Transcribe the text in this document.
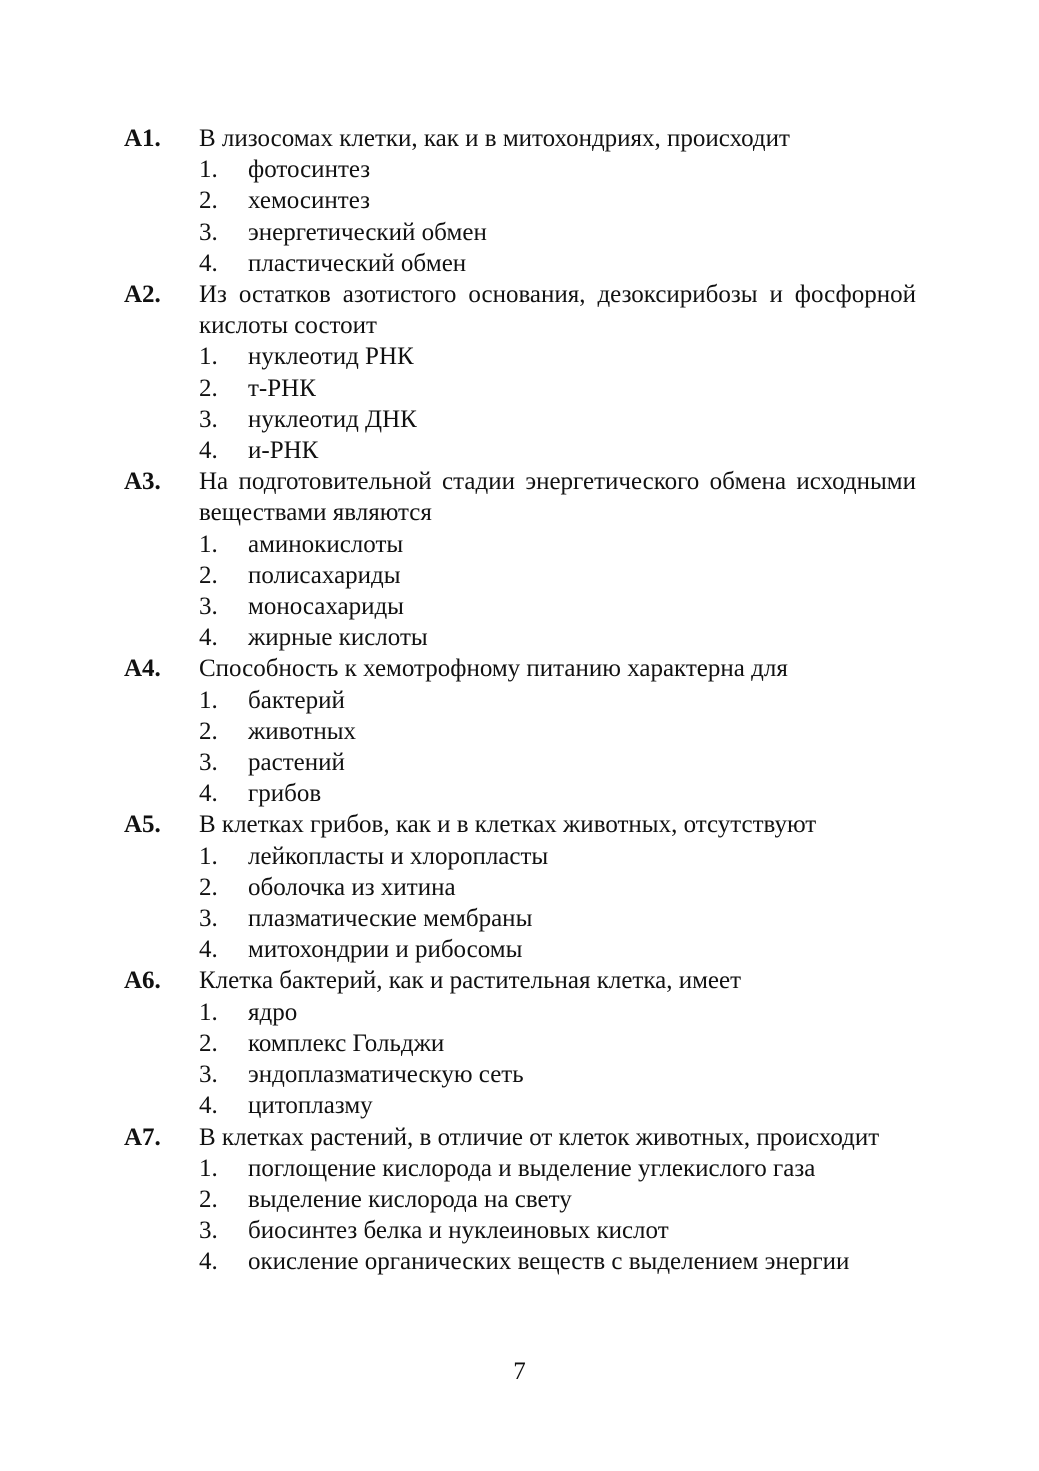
А1. В лизосомах клетки, как и в митохондриях, происходит
1. фотосинтез
2. хемосинтез
3. энергетический обмен
4. пластический обмен
А2. Из остатков азотистого основания, дезоксирибозы и фосфорной кислоты состоит
1. нуклеотид РНК
2. т-РНК
3. нуклеотид ДНК
4. и-РНК
А3. На подготовительной стадии энергетического обмена исходными веществами являются
1. аминокислоты
2. полисахариды
3. моносахариды
4. жирные кислоты
А4. Способность к хемотрофному питанию характерна для
1. бактерий
2. животных
3. растений
4. грибов
А5. В клетках грибов, как и в клетках животных, отсутствуют
1. лейкопласты и хлоропласты
2. оболочка из хитина
3. плазматические мембраны
4. митохондрии и рибосомы
А6. Клетка бактерий, как и растительная клетка, имеет
1. ядро
2. комплекс Гольджи
3. эндоплазматическую сеть
4. цитоплазму
А7. В клетках растений, в отличие от клеток животных, происходит
1. поглощение кислорода и выделение углекислого газа
2. выделение кислорода на свету
3. биосинтез белка и нуклеиновых кислот
4. окисление органических веществ с выделением энергии
7
